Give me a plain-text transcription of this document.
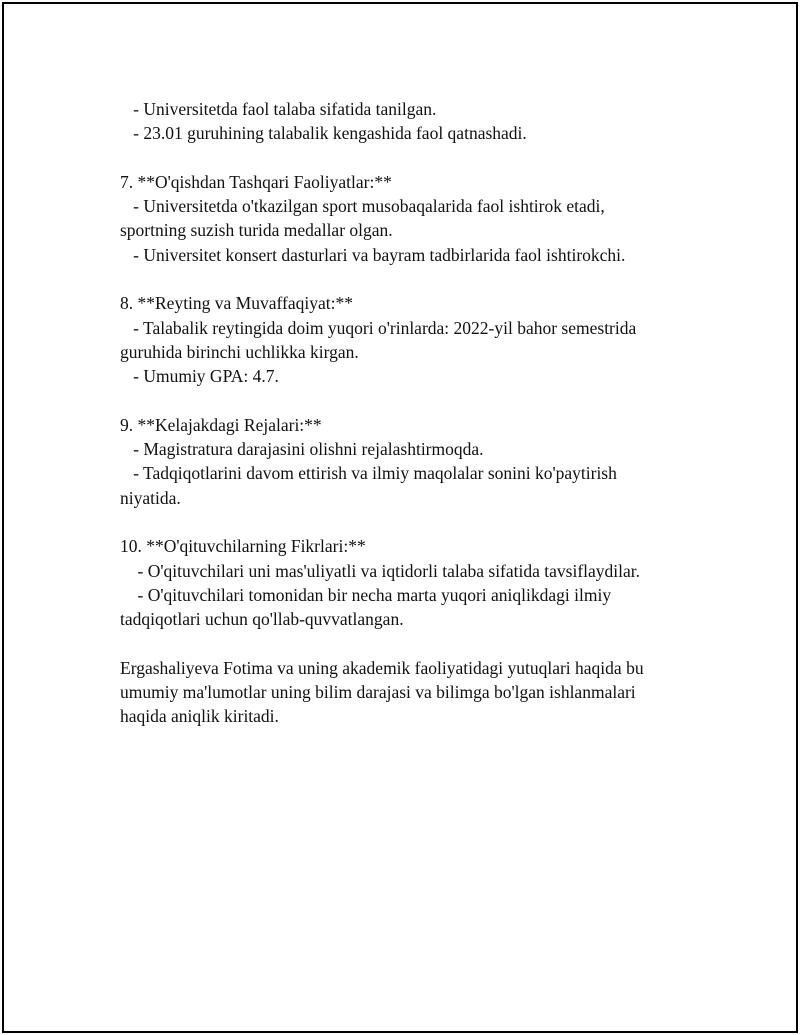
- Universitetda faol talaba sifatida tanilgan.
- 23.01 guruhining talabalik kengashida faol qatnashadi.
7. **O'qishdan Tashqari Faoliyatlar:**
- Universitetda o'tkazilgan sport musobaqalarida faol ishtirok etadi,
sportning suzish turida medallar olgan.
- Universitet konsert dasturlari va bayram tadbirlarida faol ishtirokchi.
8. **Reyting va Muvaffaqiyat:**
- Talabalik reytingida doim yuqori o'rinlarda: 2022-yil bahor semestrida
guruhida birinchi uchlikka kirgan.
- Umumiy GPA: 4.7.
9. **Kelajakdagi Rejalari:**
- Magistratura darajasini olishni rejalashtirmoqda.
- Tadqiqotlarini davom ettirish va ilmiy maqolalar sonini ko'paytirish
niyatida.
10. **O'qituvchilarning Fikrlari:**
- O'qituvchilari uni mas'uliyatli va iqtidorli talaba sifatida tavsiflaydilar.
- O'qituvchilari tomonidan bir necha marta yuqori aniqlikdagi ilmiy
tadqiqotlari uchun qo'llab-quvvatlangan.
Ergashaliyeva Fotima va uning akademik faoliyatidagi yutuqlari haqida bu
umumiy ma'lumotlar uning bilim darajasi va bilimga bo'lgan ishlanmalari
haqida aniqlik kiritadi.
